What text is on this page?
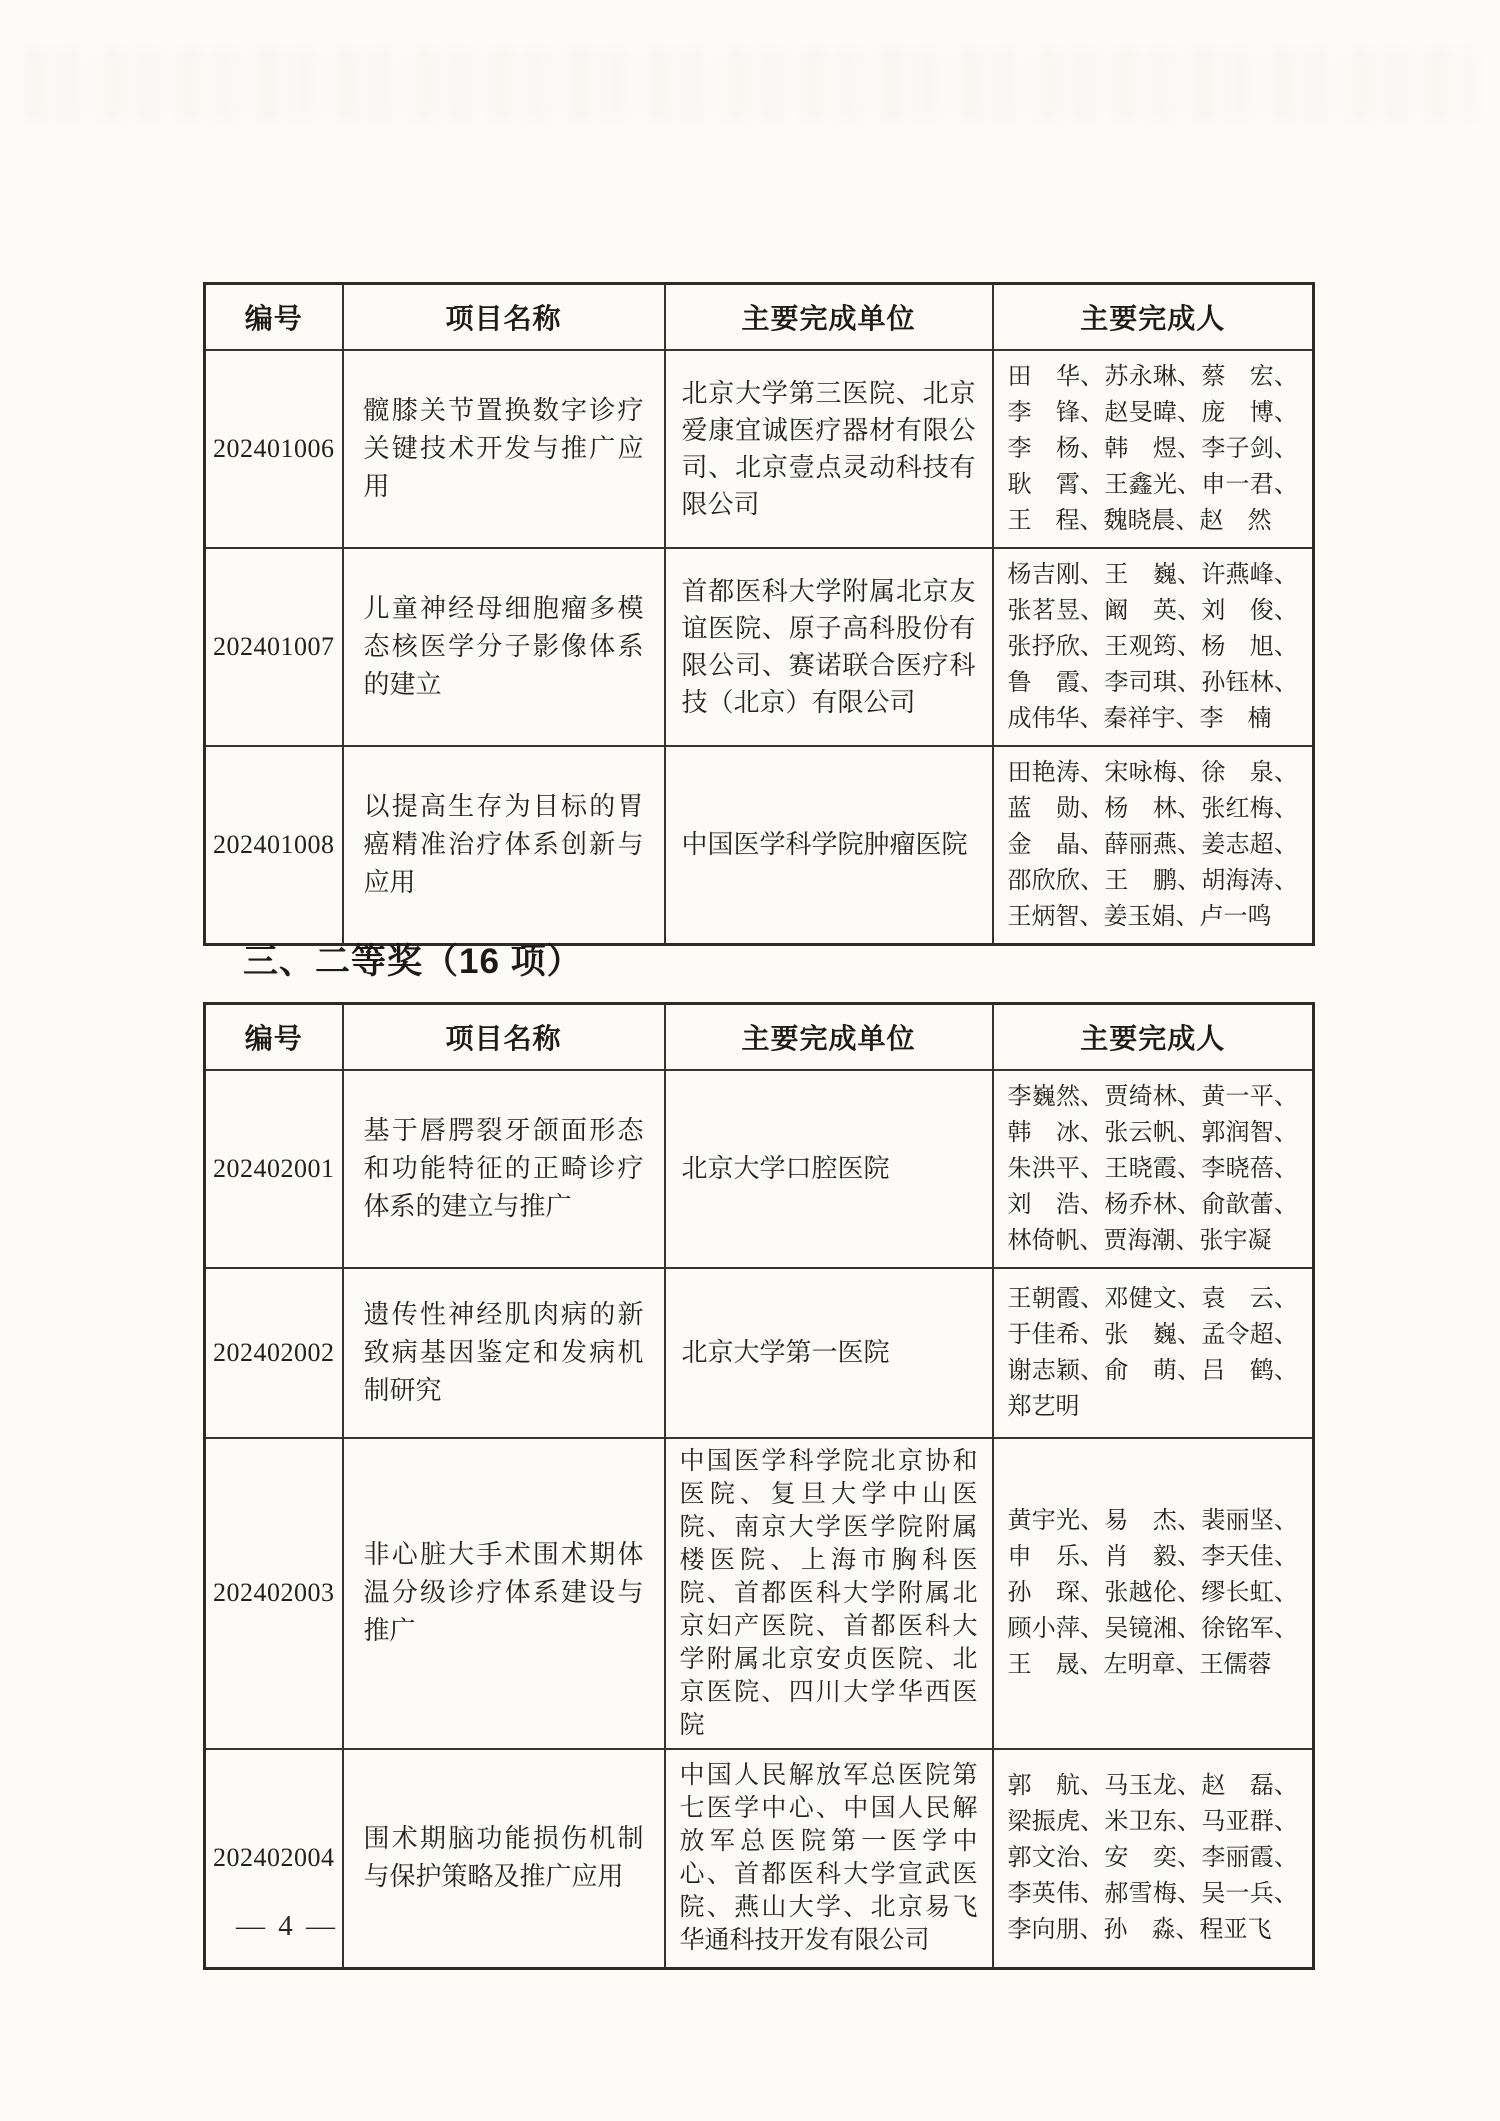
编号	项目名称	主要完成单位	主要完成人
202401006	髋膝关节置换数字诊疗关键技术开发与推广应用	北京大学第三医院、北京爱康宜诚医疗器材有限公司、北京壹点灵动科技有限公司	田　华、苏永琳、蔡　宏、李　锋、赵旻暐、庞　博、李　杨、韩　煜、李子剑、耿　霄、王鑫光、申一君、王　程、魏晓晨、赵　然
202401007	儿童神经母细胞瘤多模态核医学分子影像体系的建立	首都医科大学附属北京友谊医院、原子高科股份有限公司、赛诺联合医疗科技（北京）有限公司	杨吉刚、王　巍、许燕峰、张茗昱、阚　英、刘　俊、张抒欣、王观筠、杨　旭、鲁　霞、李司琪、孙钰林、成伟华、秦祥宇、李　楠
202401008	以提高生存为目标的胃癌精准治疗体系创新与应用	中国医学科学院肿瘤医院	田艳涛、宋咏梅、徐　泉、蓝　勋、杨　林、张红梅、金　晶、薛丽燕、姜志超、邵欣欣、王　鹏、胡海涛、王炳智、姜玉娟、卢一鸣
三、二等奖（16 项）
编号	项目名称	主要完成单位	主要完成人
202402001	基于唇腭裂牙颌面形态和功能特征的正畸诊疗体系的建立与推广	北京大学口腔医院	李巍然、贾绮林、黄一平、韩　冰、张云帆、郭润智、朱洪平、王晓霞、李晓蓓、刘　浩、杨乔林、俞歆蕾、林倚帆、贾海潮、张宇凝
202402002	遗传性神经肌肉病的新致病基因鉴定和发病机制研究	北京大学第一医院	王朝霞、邓健文、袁　云、于佳希、张　巍、孟令超、谢志颖、俞　萌、吕　鹤、郑艺明
202402003	非心脏大手术围术期体温分级诊疗体系建设与推广	中国医学科学院北京协和医院、复旦大学中山医院、南京大学医学院附属楼医院、上海市胸科医院、首都医科大学附属北京妇产医院、首都医科大学附属北京安贞医院、北京医院、四川大学华西医院	黄宇光、易　杰、裴丽坚、申　乐、肖　毅、李天佳、孙　琛、张越伦、缪长虹、顾小萍、吴镜湘、徐铭军、王　晟、左明章、王儒蓉
202402004	围术期脑功能损伤机制与保护策略及推广应用	中国人民解放军总医院第七医学中心、中国人民解放军总医院第一医学中心、首都医科大学宣武医院、燕山大学、北京易飞华通科技开发有限公司	郭　航、马玉龙、赵　磊、梁振虎、米卫东、马亚群、郭文治、安　奕、李丽霞、李英伟、郝雪梅、吴一兵、李向朋、孙　淼、程亚飞
— 4 —
